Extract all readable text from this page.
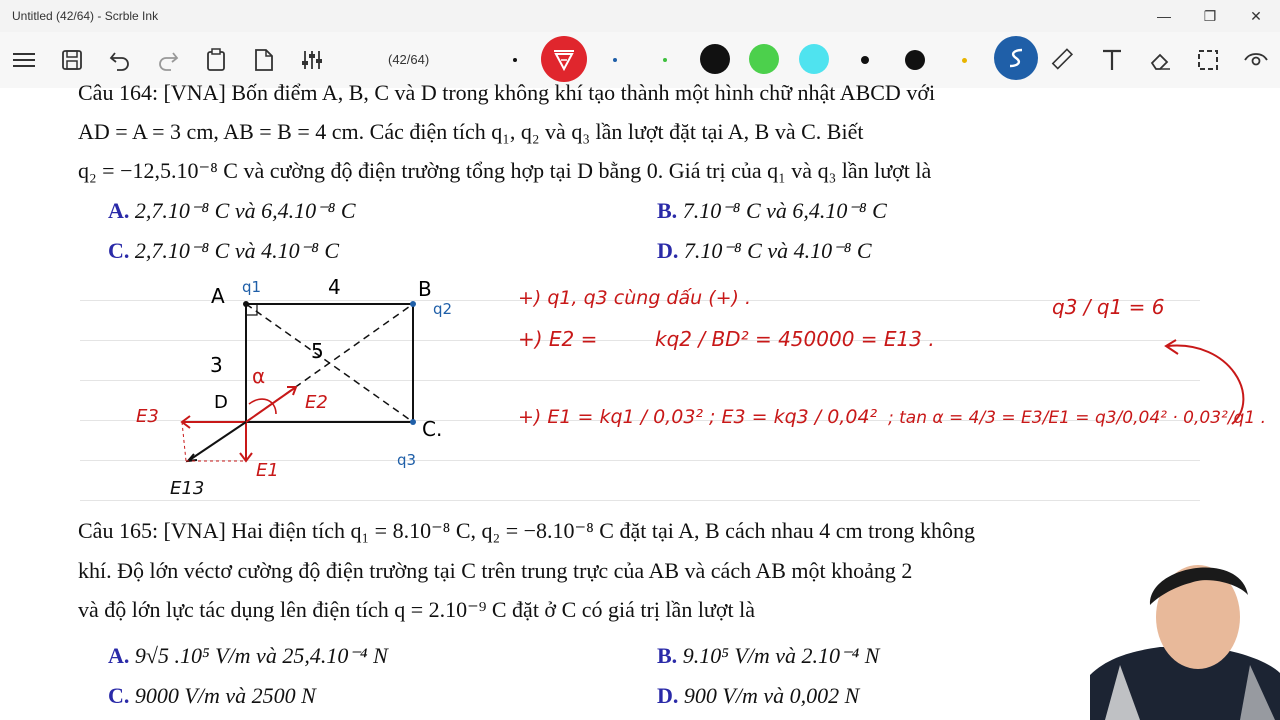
Untitled (42/64) - Scrble Ink	—	❐	✕
(42/64)
Câu 164: [VNA] Bốn điểm A, B, C và D trong không khí tạo thành một hình chữ nhật ABCD với
AD = A = 3 cm, AB = B = 4 cm. Các điện tích q₁, q₂ và q₃ lần lượt đặt tại A, B và C. Biết
q₂ = −12,5.10⁻⁸ C và cường độ điện trường tổng hợp tại D bằng 0. Giá trị của q₁ và q₃ lần lượt là
A. 2,7.10⁻⁸ C và 6,4.10⁻⁸ C	B. 7.10⁻⁸ C và 6,4.10⁻⁸ C
C. 2,7.10⁻⁸ C và 4.10⁻⁸ C	D. 7.10⁻⁸ C và 4.10⁻⁸ C
A	B
C.
D
q1
q2
q3
4
3
5
α
E3
E2
E1
E13
+) q1, q3 cùng dấu (+) .
+) E2 =	kq2 / BD² = 450000 = E13 .
+) E1 = kq1 / 0,03² ; E3 = kq3 / 0,04² ; tan α = 4/3 = E3/E1 = q3/0,04² · 0,03²/q1 .
q3 / q1 = 6
Câu 165: [VNA] Hai điện tích q₁ = 8.10⁻⁸ C, q₂ = −8.10⁻⁸ C đặt tại A, B cách nhau 4 cm trong không
khí. Độ lớn véctơ cường độ điện trường tại C trên trung trực của AB và cách AB một khoảng 2
và độ lớn lực tác dụng lên điện tích q = 2.10⁻⁹ C đặt ở C có giá trị lần lượt là
A. 9√5 .10⁵ V/m và 25,4.10⁻⁴ N	B. 9.10⁵ V/m và 2.10⁻⁴ N
C. 9000 V/m và 2500 N	D. 900 V/m và 0,002 N
